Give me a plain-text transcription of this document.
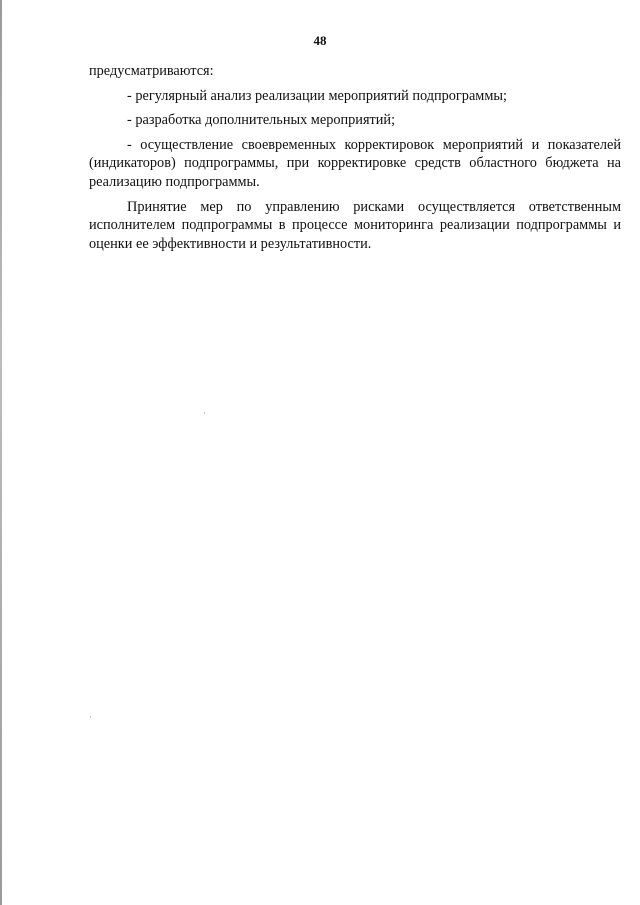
48

предусматриваются:

- регулярный анализ реализации мероприятий подпрограммы;

- разработка дополнительных мероприятий;

- осуществление своевременных корректировок мероприятий и показателей (индикаторов) подпрограммы, при корректировке средств областного бюджета на реализацию подпрограммы.

Принятие мер по управлению рисками осуществляется ответственным исполнителем подпрограммы в процессе мониторинга реализации подпрограммы и оценки ее эффективности и результативности.
